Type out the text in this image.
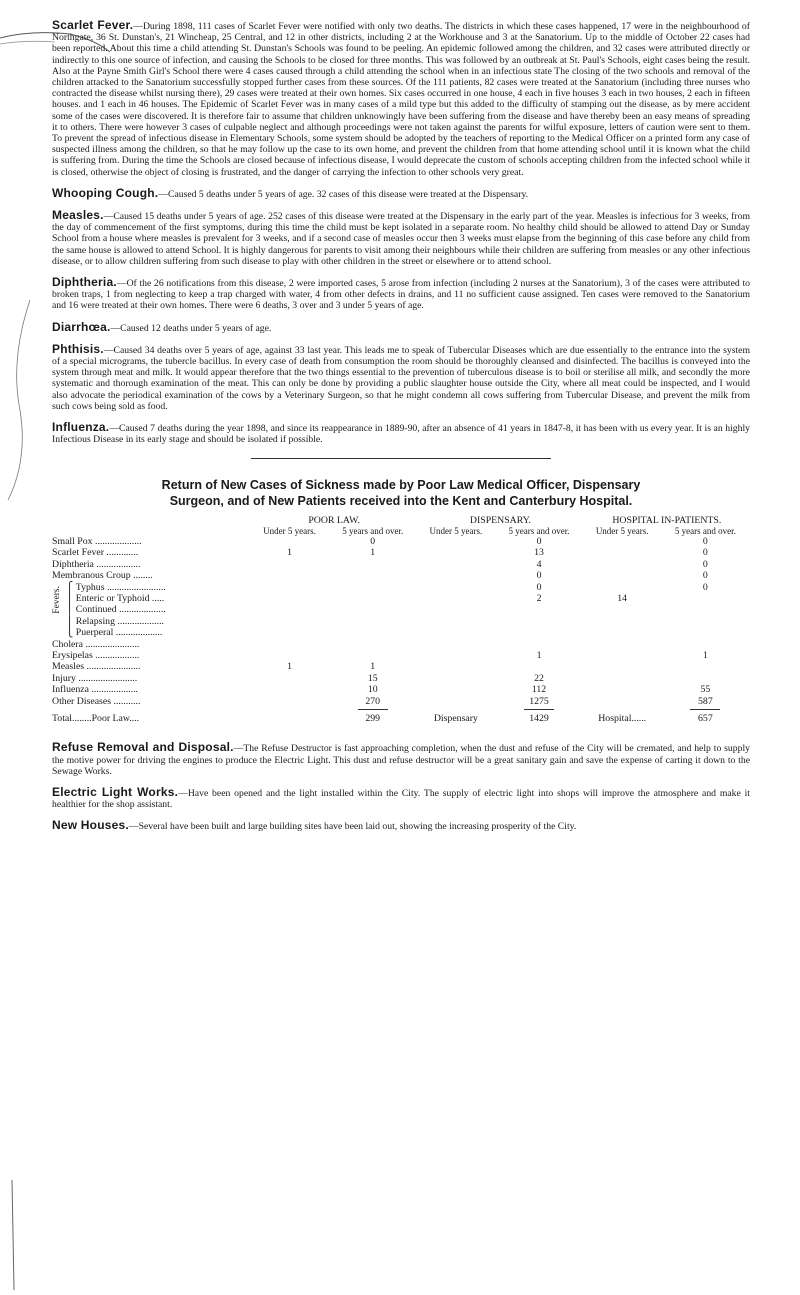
Scarlet Fever.—During 1898, 111 cases of Scarlet Fever were notified with only two deaths. The districts in which these cases happened, 17 were in the neighbourhood of Northgate, 36 St. Dunstan's, 21 Wincheap, 25 Central, and 12 in other districts, including 2 at the Workhouse and 3 at the Sanatorium. Up to the middle of October 22 cases had been reported. About this time a child attending St. Dunstan's Schools was found to be peeling. An epidemic followed among the children, and 32 cases were attributed directly or indirectly to this one source of infection, and causing the Schools to be closed for three months. This was followed by an outbreak at St. Paul's Schools, eight cases being the result. Also at the Payne Smith Girl's School there were 4 cases caused through a child attending the school when in an infectious state The closing of the two schools and removal of the children attacked to the Sanatorium successfully stopped further cases from these sources. Of the 111 patients, 82 cases were treated at the Sanatorium (including three nurses who contracted the disease whilst nursing there), 29 cases were treated at their own homes. Six cases occurred in one house, 4 each in five houses 3 each in two houses, 2 each in fifteen houses. and 1 each in 46 houses. The Epidemic of Scarlet Fever was in many cases of a mild type but this added to the difficulty of stamping out the disease, as by mere accident some of the cases were discovered. It is therefore fair to assume that children unknowingly have been suffering from the disease and have thereby been an easy means of spreading it to others. There were however 3 cases of culpable neglect and although proceedings were not taken against the parents for wilful exposure, letters of caution were sent to them. To prevent the spread of infectious disease in Elementary Schools, some system should be adopted by the teachers of reporting to the Medical Officer on a printed form any case of suspected illness among the children, so that he may follow up the case to its own home, and prevent the children from that home attending school until it is known what the child is suffering from. During the time the Schools are closed because of infectious disease, I would deprecate the custom of schools accepting children from the infected school while it is closed, otherwise the object of closing is frustrated, and the danger of carrying the infection to other schools very great.

Whooping Cough.—Caused 5 deaths under 5 years of age. 32 cases of this disease were treated at the Dispensary.

Measles.—Caused 15 deaths under 5 years of age. 252 cases of this disease were treated at the Dispensary in the early part of the year. Measles is infectious for 3 weeks, from the day of commencement of the first symptoms, during this time the child must be kept isolated in a separate room. No healthy child should be allowed to attend Day or Sunday School from a house where measles is prevalent for 3 weeks, and if a second case of measles occur then 3 weeks must elapse from the beginning of this case before any child from the same house is allowed to attend School. It is highly dangerous for parents to visit among their neighbours while their children are suffering from measles or any other infectious disease, or to allow children suffering from such disease to play with other children in the street or elsewhere or to attend school.

Diphtheria.—Of the 26 notifications from this disease, 2 were imported cases, 5 arose from infection (including 2 nurses at the Sanatorium), 3 of the cases were attributed to broken traps, 1 from neglecting to keep a trap charged with water, 4 from other defects in drains, and 11 no sufficient cause assigned. Ten cases were removed to the Sanatorium and 16 were treated at their own homes. There were 6 deaths, 3 over and 3 under 5 years of age.

Diarrhœa.—Caused 12 deaths under 5 years of age.

Phthisis.—Caused 34 deaths over 5 years of age, against 33 last year. This leads me to speak of Tubercular Diseases which are due essentially to the entrance into the system of a special micrograms, the tubercle bacillus. In every case of death from consumption the room should be thoroughly cleansed and disinfected. The bacillus is conveyed into the system through meat and milk. It would appear therefore that the two things essential to the prevention of tuberculous disease is to boil or sterilise all milk, and secondly the more systematic and thorough examination of the meat. This can only be done by providing a public slaughter house outside the City, where all meat could be inspected, and I would also advocate the periodical examination of the cows by a Veterinary Surgeon, so that he might condemn all cows suffering from Tubercular Disease, and prevent the milk from such cows being sold as food.

Influenza.—Caused 7 deaths during the year 1898, and since its reappearance in 1889-90, after an absence of 41 years in 1847-8, it has been with us every year. It is an highly Infectious Disease in its early stage and should be isolated if possible.

Return of New Cases of Sickness made by Poor Law Medical Officer, Dispensary
Surgeon, and of New Patients received into the Kent and Canterbury Hospital.
	POOR LAW.		DISPENSARY.		HOSPITAL IN-PATIENTS.	
	Under 5 years.	5 years and over.	Under 5 years.	5 years and over.	Under 5 years.	5 years and over.
Small Pox ...................		0		0		0
Scarlet Fever .............	1	1		13		0
Diphtheria ..................				4		0
Membranous Croup ........				0		0
⎧
Fevers. Typhus ........................				0		0
⎪ Enteric or Typhoid .....				2	14	
⎪ Continued ...................						
⎪ Relapsing ...................						
⎩ Puerperal ...................						
Cholera ......................						
Erysipelas ..................				1		1
Measles ......................	1	1				
Injury ........................		15		22		
Influenza ...................		10		112		55
Other Diseases ...........		270		1275		587

Total........Poor Law....		299	Dispensary	1429	Hospital......	657

Refuse Removal and Disposal.—The Refuse Destructor is fast approaching completion, when the dust and refuse of the City will be cremated, and help to supply the motive power for driving the engines to produce the Electric Light. This dust and refuse destructor will be a great sanitary gain and save the expense of carting it down to the Sewage Works.

Electric Light Works.—Have been opened and the light installed within the City. The supply of electric light into shops will improve the atmosphere and make it healthier for the shop assistant.

New Houses.—Several have been built and large building sites have been laid out, showing the increasing prosperity of the City.
